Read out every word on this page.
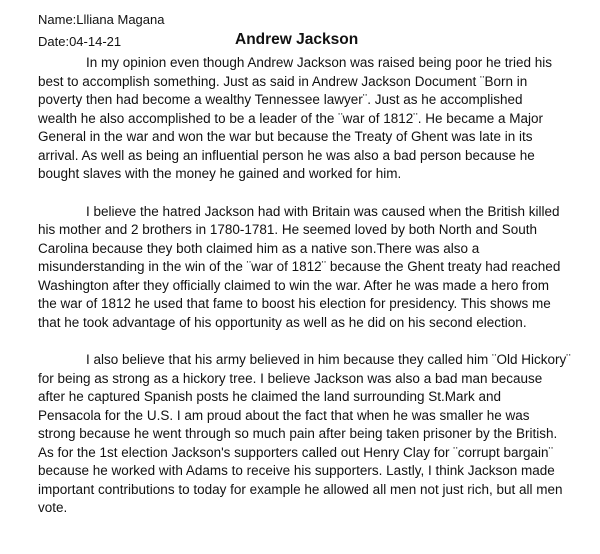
Name:Llliana Magana
Date:04-14-21	Andrew Jackson
In my opinion even though Andrew Jackson was raised being poor he tried his
best to accomplish something. Just as said in Andrew Jackson Document ¨Born in
poverty then had become a wealthy Tennessee lawyer¨. Just as he accomplished
wealth he also accomplished to be a leader of the ¨war of 1812¨. He became a Major
General in the war and won the war but because the Treaty of Ghent was late in its
arrival. As well as being an influential person he was also a bad person because he
bought slaves with the money he gained and worked for him.
I believe the hatred Jackson had with Britain was caused when the British killed
his mother and 2 brothers in 1780-1781. He seemed loved by both North and South
Carolina because they both claimed him as a native son.There was also a
misunderstanding in the win of the ¨war of 1812¨ because the Ghent treaty had reached
Washington after they officially claimed to win the war. After he was made a hero from
the war of 1812 he used that fame to boost his election for presidency. This shows me
that he took advantage of his opportunity as well as he did on his second election.
I also believe that his army believed in him because they called him ¨Old Hickory¨
for being as strong as a hickory tree. I believe Jackson was also a bad man because
after he captured Spanish posts he claimed the land surrounding St.Mark and
Pensacola for the U.S. I am proud about the fact that when he was smaller he was
strong because he went through so much pain after being taken prisoner by the British.
As for the 1st election Jackson's supporters called out Henry Clay for ¨corrupt bargain¨
because he worked with Adams to receive his supporters. Lastly, I think Jackson made
important contributions to today for example he allowed all men not just rich, but all men
vote.
